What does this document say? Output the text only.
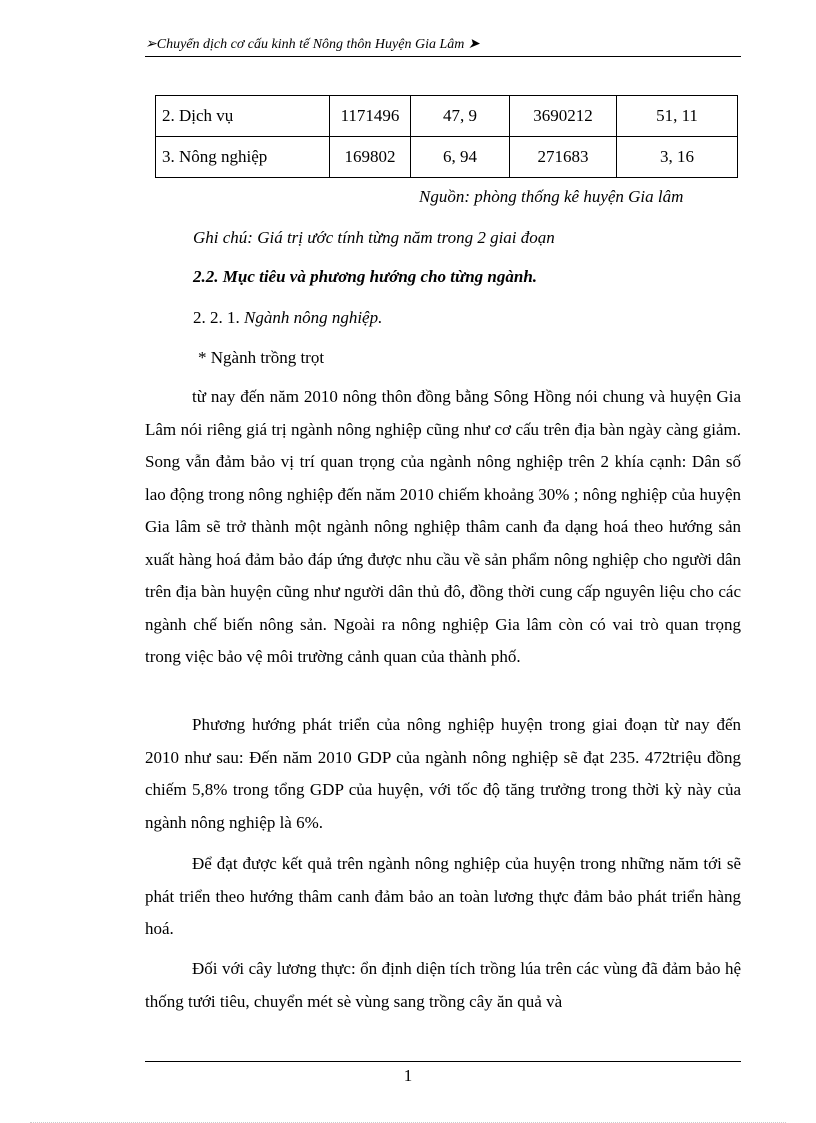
➢Chuyển dịch cơ cấu kinh tế Nông thôn Huyện Gia Lâm ➤
2. Dịch vụ	1171496	47, 9	3690212	51, 11
3. Nông nghiệp	169802	6, 94	271683	3, 16
Nguồn: phòng thống kê huyện Gia lâm
Ghi chú: Giá trị ước tính từng năm trong 2 giai đoạn
2.2. Mục tiêu và phương hướng cho từng ngành.
2. 2. 1. Ngành nông nghiệp.
* Ngành trồng trọt

từ nay đến năm 2010 nông thôn đồng bằng Sông Hồng nói chung và huyện Gia Lâm nói riêng giá trị ngành nông nghiệp cũng như cơ cấu trên địa bàn ngày càng giảm. Song vẫn đảm bảo vị trí quan trọng của ngành nông nghiệp trên 2 khía cạnh: Dân số lao động trong nông nghiệp đến năm 2010 chiếm khoảng 30% ; nông nghiệp của huyện Gia lâm sẽ trở thành một ngành nông nghiệp thâm canh đa dạng hoá theo hướng sản xuất hàng hoá đảm bảo đáp ứng được nhu cầu về sản phẩm nông nghiệp cho người dân trên địa bàn huyện cũng như người dân thủ đô, đồng thời cung cấp nguyên liệu cho các ngành chế biến nông sản. Ngoài ra nông nghiệp Gia lâm còn có vai trò quan trọng trong việc bảo vệ môi trường cảnh quan của thành phố.

Phương hướng phát triển của nông nghiệp huyện trong giai đoạn từ nay đến 2010 như sau: Đến năm 2010 GDP của ngành nông nghiệp sẽ đạt 235. 472triệu đồng chiếm 5,8% trong tổng GDP của huyện, với tốc độ tăng trưởng trong thời kỳ này của ngành nông nghiệp là 6%.

Để đạt được kết quả trên ngành nông nghiệp của huyện trong những năm tới sẽ phát triển theo hướng thâm canh đảm bảo an toàn lương thực đảm bảo phát triển hàng hoá.

Đối với cây lương thực: ổn định diện tích trồng lúa trên các vùng đã đảm bảo hệ thống tưới tiêu, chuyển mét sè vùng sang trồng cây ăn quả và

1
